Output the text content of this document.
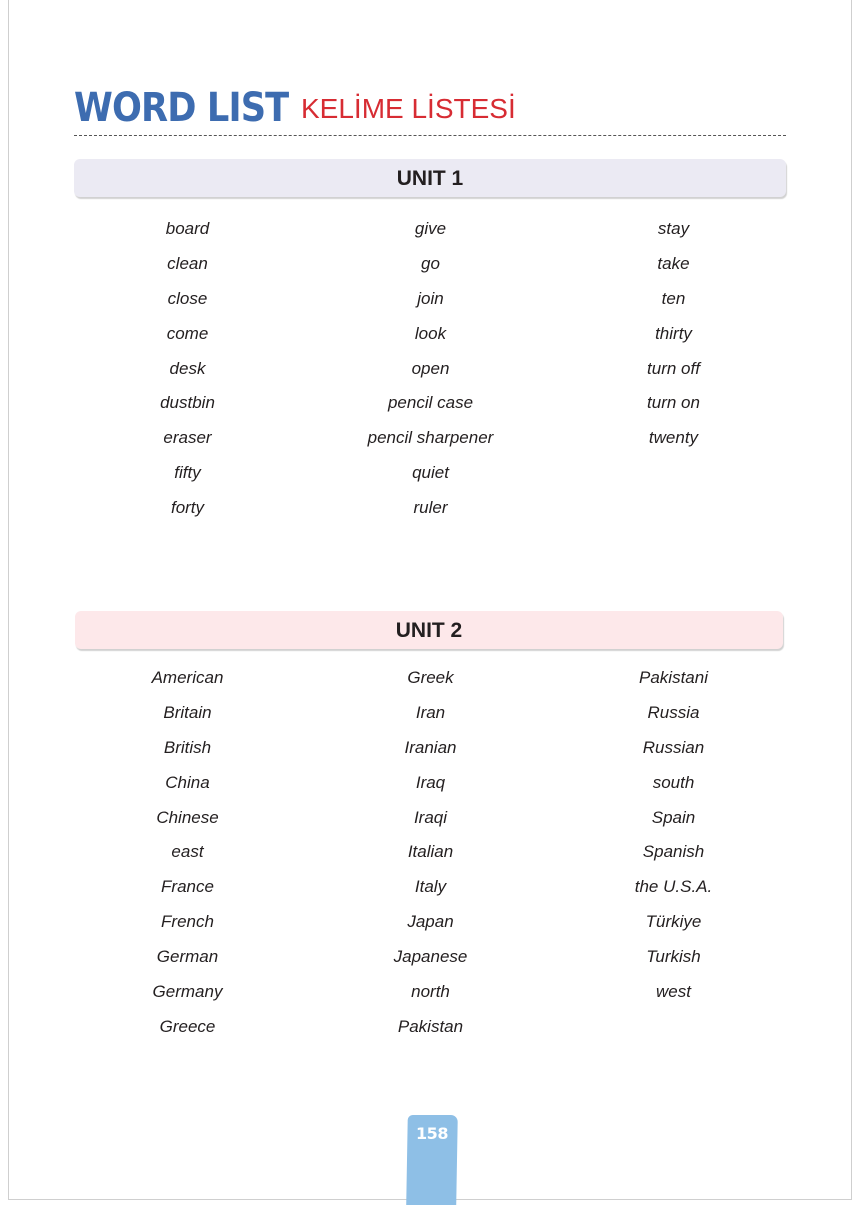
WORD LIST KELİME LİSTESİ
UNIT 1
board
clean
close
come
desk
dustbin
eraser
fifty
forty
give
go
join
look
open
pencil case
pencil sharpener
quiet
ruler
stay
take
ten
thirty
turn off
turn on
twenty
UNIT 2
American
Britain
British
China
Chinese
east
France
French
German
Germany
Greece
Greek
Iran
Iranian
Iraq
Iraqi
Italian
Italy
Japan
Japanese
north
Pakistan
Pakistani
Russia
Russian
south
Spain
Spanish
the U.S.A.
Türkiye
Turkish
west
158
